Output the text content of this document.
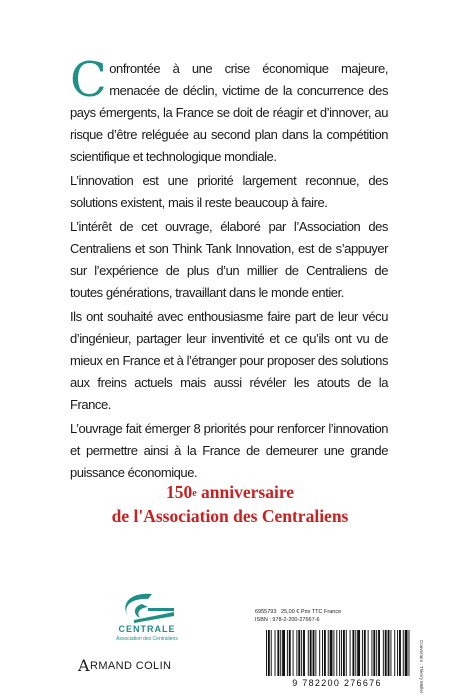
Confrontée à une crise économique majeure, menacée de déclin, victime de la concurrence des pays émergents, la France se doit de réagir et d’innover, au risque d’être reléguée au second plan dans la compétition scientifique et technologique mondiale.

L’innovation est une priorité largement reconnue, des solutions existent, mais il reste beaucoup à faire.

L’intérêt de cet ouvrage, élaboré par l’Association des Centraliens et son Think Tank Innovation, est de s’appuyer sur l’expérience de plus d’un millier de Centraliens de toutes générations, travaillant dans le monde entier.

Ils ont souhaité avec enthousiasme faire part de leur vécu d’ingénieur, partager leur inventivité et ce qu’ils ont vu de mieux en France et à l’étranger pour proposer des solutions aux freins actuels mais aussi révéler les atouts de la France.

L’ouvrage fait émerger 8 priorités pour renforcer l’innovation et permettre ainsi à la France de demeurer une grande puissance économique.

150e anniversaire
de l'Association des Centraliens
CENTRALE
Association des Centraliens
ARMAND COLIN
6955793 25,00 € Prix TTC France
ISBN : 978-2-200-27667-6
Couverture : Thierry Müller
9 782200 276676
